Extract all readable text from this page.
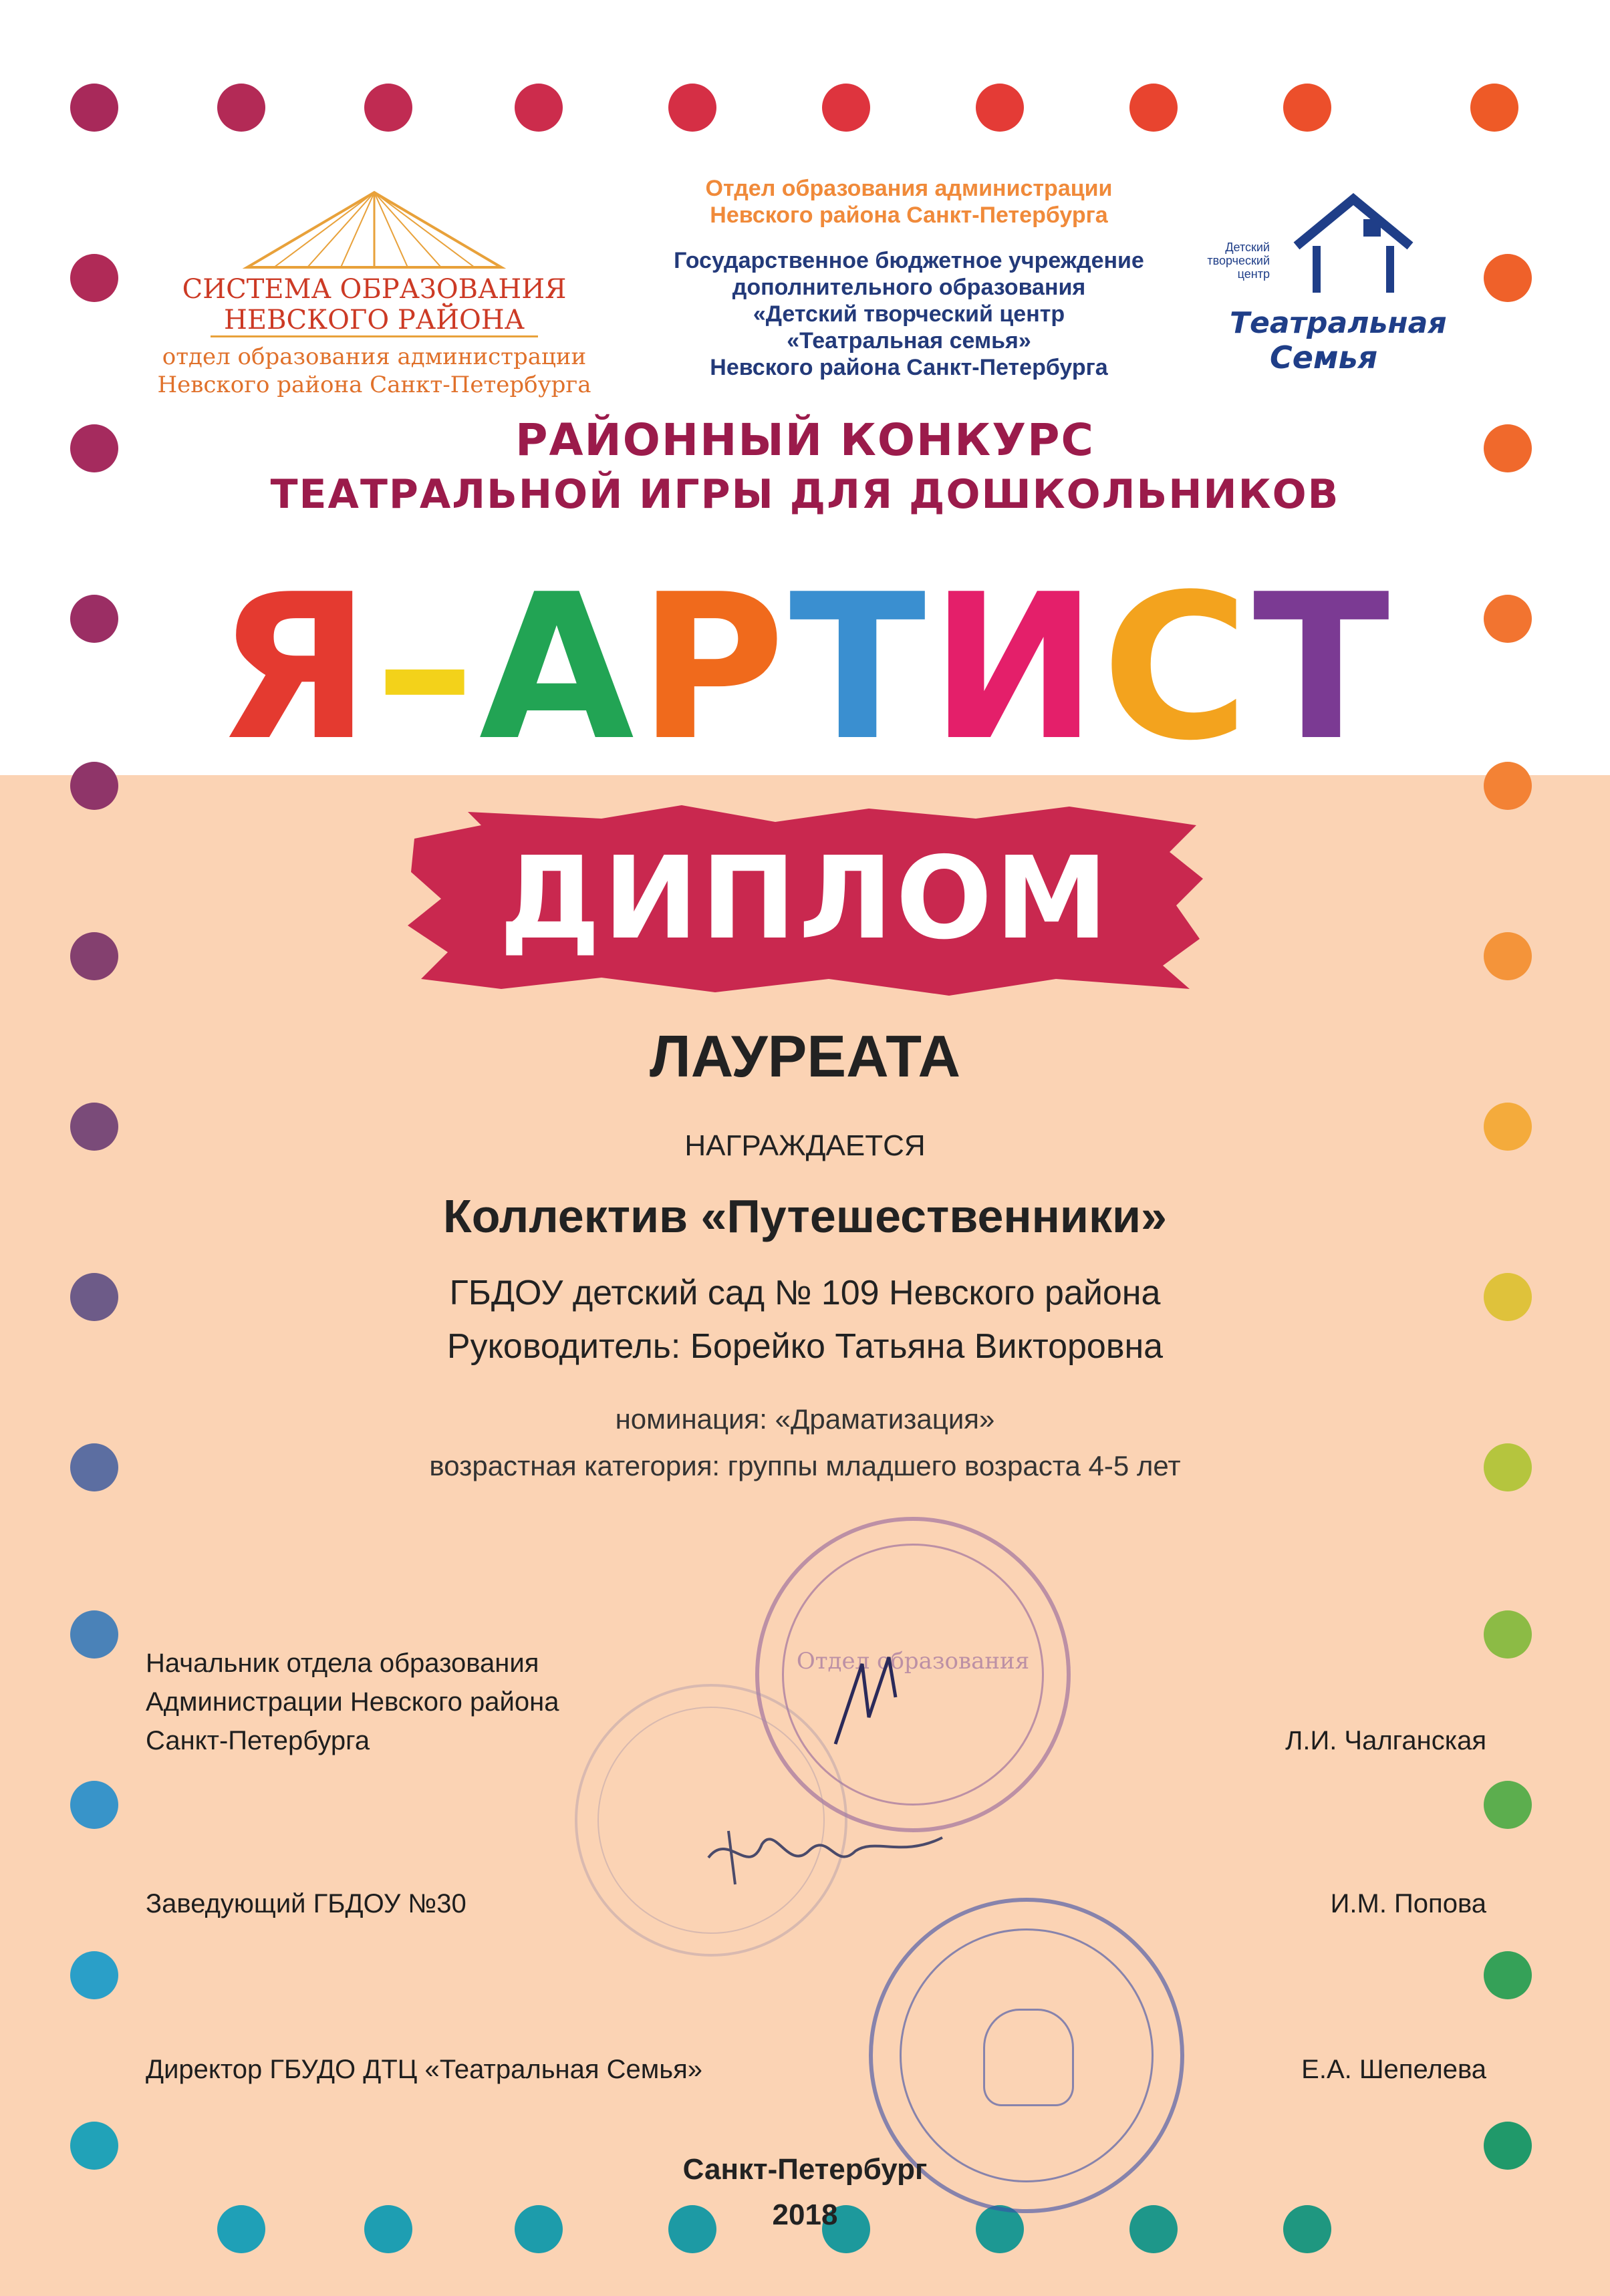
СИСТЕМА ОБРАЗОВАНИЯ
НЕВСКОГО РАЙОНА
отдел образования администрации
Невского района Санкт-Петербурга
Отдел образования администрации
Невского района Санкт-Петербурга
Государственное бюджетное учреждение
дополнительного образования
«Детский творческий центр
«Театральная семья»
Невского района Санкт-Петербурга
Детский
творческий
центр
Театральная
Семья
РАЙОННЫЙ КОНКУРС
ТЕАТРАЛЬНОЙ ИГРЫ ДЛЯ ДОШКОЛЬНИКОВ
Я–АРТИСТ
ДИПЛОМ
ЛАУРЕАТА
НАГРАЖДАЕТСЯ
Коллектив «Путешественники»
ГБДОУ детский сад № 109 Невского района
Руководитель: Борейко Татьяна Викторовна
номинация: «Драматизация»
возрастная категория: группы младшего возраста 4-5 лет
Отдел образования
Начальник отдела образования
Администрации Невского района
Санкт-Петербурга	Л.И. Чалганская
Заведующий ГБДОУ №30	И.М. Попова
Директор ГБУДО ДТЦ «Театральная Семья»	Е.А. Шепелева
Санкт-Петербург
2018
